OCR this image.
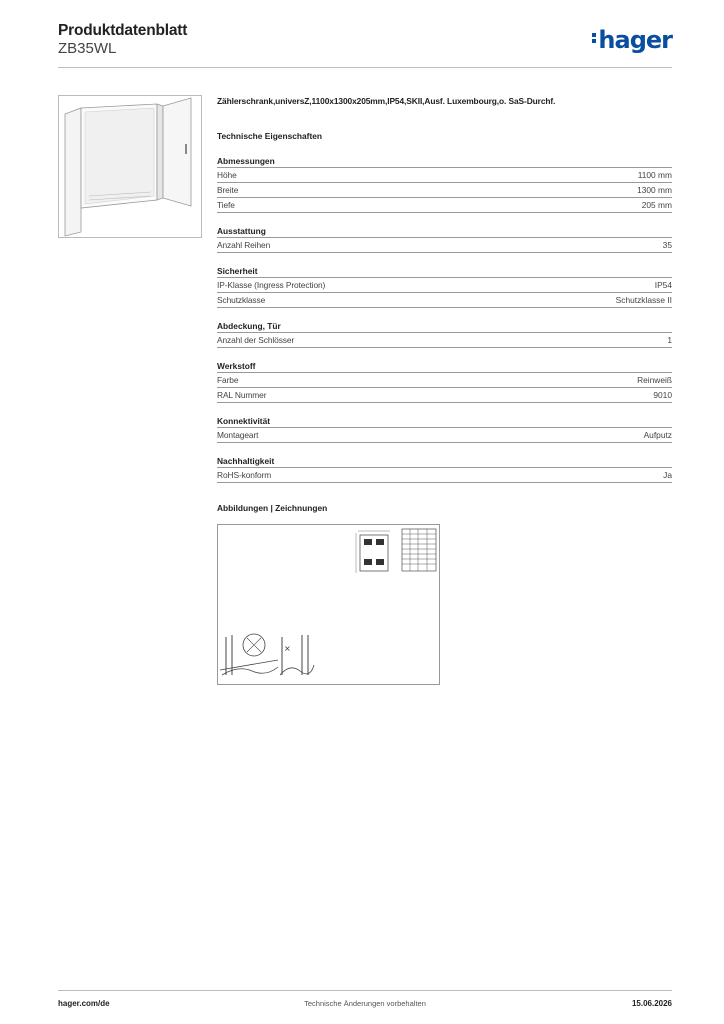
Produktdatenblatt
ZB35WL	hager
·
Zählerschrank,universZ,1100x1300x205mm,IP54,SKII,Ausf. Luxembourg,o. SaS-Durchf.
Technische Eigenschaften
Abmessungen
Höhe	1100 mm
Breite	1300 mm
Tiefe	205 mm
Ausstattung
Anzahl Reihen	35
Sicherheit
IP-Klasse (Ingress Protection)	IP54
Schutzklasse	Schutzklasse II
Abdeckung, Tür
Anzahl der Schlösser	1
Werkstoff
Farbe	Reinweiß
RAL Nummer	9010
Konnektivität
Montageart	Aufputz
Nachhaltigkeit
RoHS-konform	Ja
Abbildungen | Zeichnungen
×
hager.com/de	Technische Änderungen vorbehalten	15.06.2026
